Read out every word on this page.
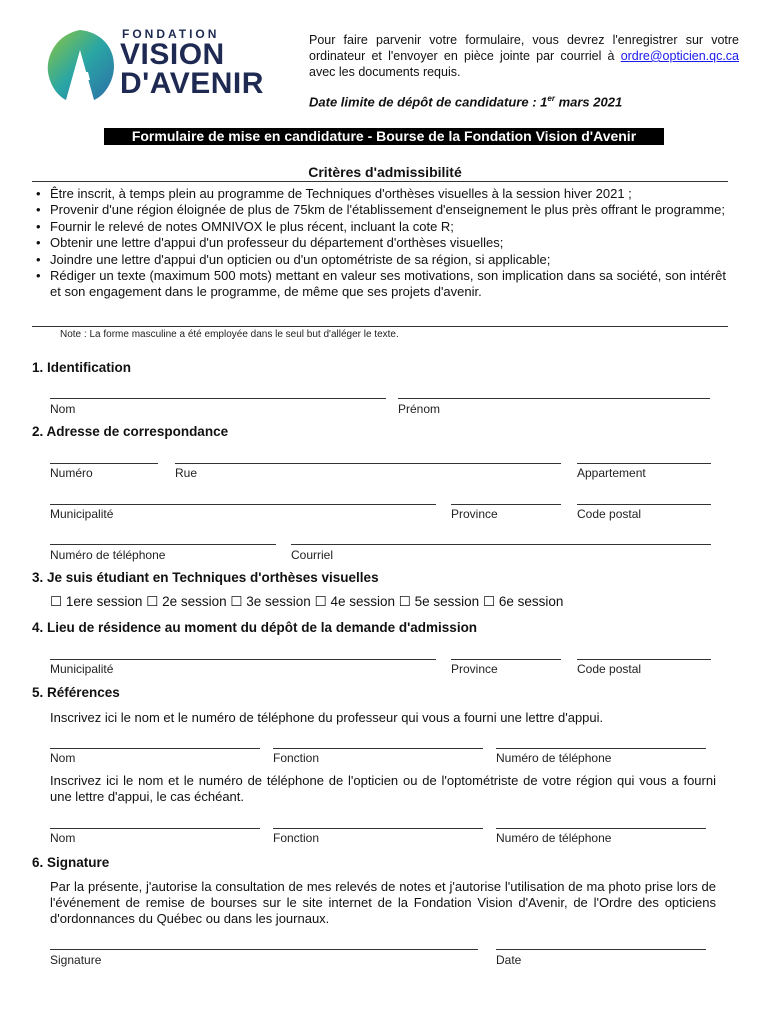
FONDATION
VISION
D'AVENIR
Pour faire parvenir votre formulaire, vous devrez l'enregistrer sur votre ordinateur et l'envoyer en pièce jointe par courriel à ordre@opticien.qc.ca avec les documents requis.
Date limite de dépôt de candidature : 1er mars 2021
Formulaire de mise en candidature - Bourse de la Fondation Vision d'Avenir
Critères d'admissibilité
• Être inscrit, à temps plein au programme de Techniques d'orthèses visuelles à la session hiver 2021 ;
• Provenir d'une région éloignée de plus de 75km de l'établissement d'enseignement le plus près offrant le programme;
• Fournir le relevé de notes OMNIVOX le plus récent, incluant la cote R;
• Obtenir une lettre d'appui d'un professeur du département d'orthèses visuelles;
• Joindre une lettre d'appui d'un opticien ou d'un optométriste de sa région, si applicable;
• Rédiger un texte (maximum 500 mots) mettant en valeur ses motivations, son implication dans sa société, son intérêt et son engagement dans le programme, de même que ses projets d'avenir.
Note : La forme masculine a été employée dans le seul but d'alléger le texte.
1. Identification
Nom	Prénom
2. Adresse de correspondance
Numéro	Rue	Appartement
Municipalité	Province	Code postal
Numéro de téléphone	Courriel
3. Je suis étudiant en Techniques d'orthèses visuelles
☐ 1ere session ☐ 2e session ☐ 3e session ☐ 4e session ☐ 5e session ☐ 6e session
4. Lieu de résidence au moment du dépôt de la demande d'admission
Municipalité	Province	Code postal
5. Références
Inscrivez ici le nom et le numéro de téléphone du professeur qui vous a fourni une lettre d'appui.
Nom	Fonction	Numéro de téléphone
Inscrivez ici le nom et le numéro de téléphone de l'opticien ou de l'optométriste de votre région qui vous a fourni une lettre d'appui, le cas échéant.
Nom	Fonction	Numéro de téléphone
6. Signature
Par la présente, j'autorise la consultation de mes relevés de notes et j'autorise l'utilisation de ma photo prise lors de l'événement de remise de bourses sur le site internet de la Fondation Vision d'Avenir, de l'Ordre des opticiens d'ordonnances du Québec ou dans les journaux.
Signature	Date
